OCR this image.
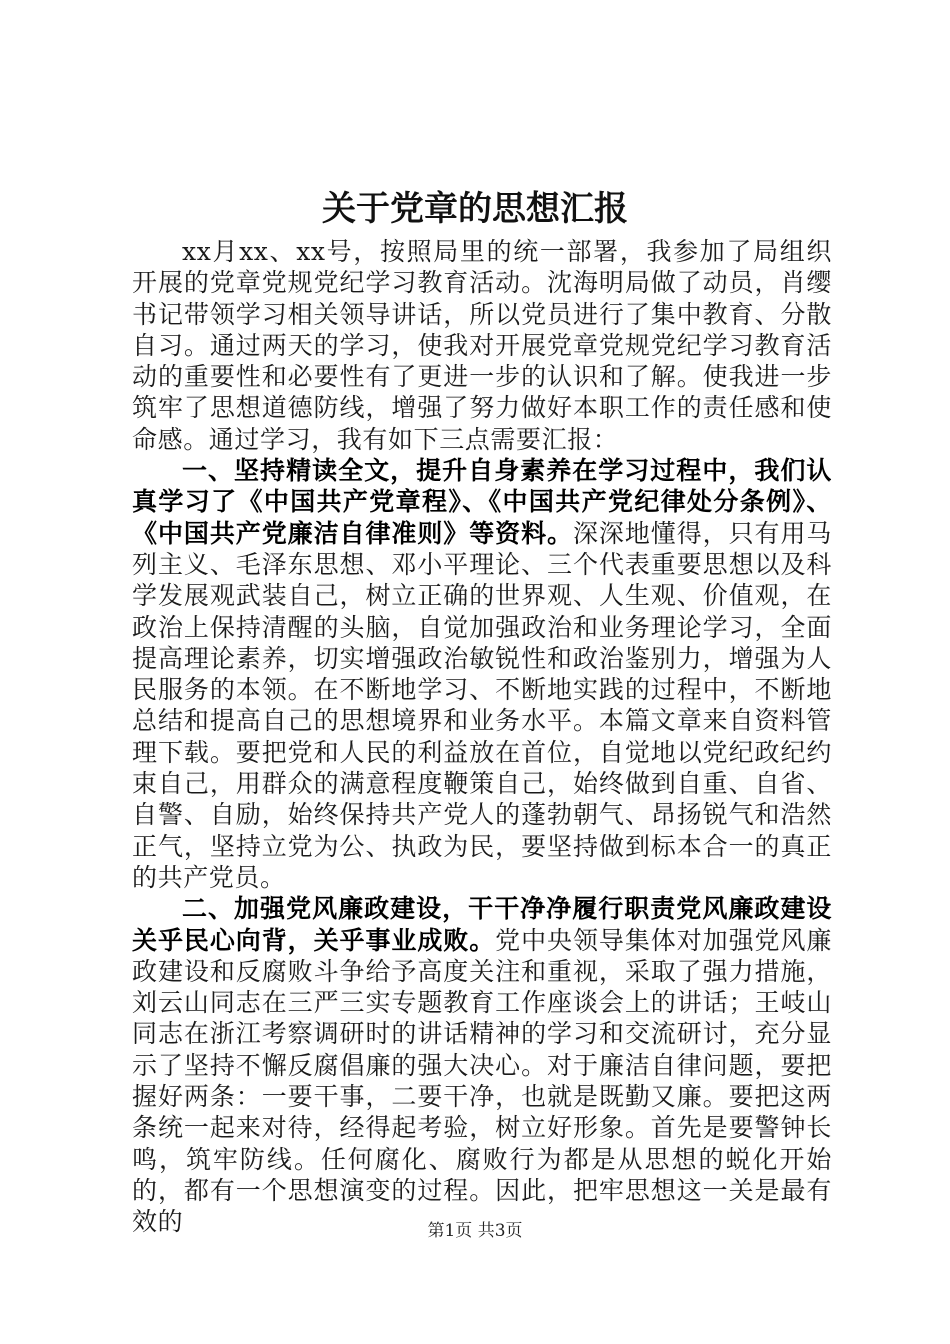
关于党章的思想汇报

xx月xx、xx号，按照局里的统一部署，我参加了局组织开展的党章党规党纪学习教育活动。沈海明局做了动员，肖缨书记带领学习相关领导讲话，所以党员进行了集中教育、分散自习。通过两天的学习，使我对开展党章党规党纪学习教育活动的重要性和必要性有了更进一步的认识和了解。使我进一步筑牢了思想道德防线，增强了努力做好本职工作的责任感和使命感。通过学习，我有如下三点需要汇报：

一、坚持精读全文，提升自身素养在学习过程中，我们认真学习了《中国共产党章程》、《中国共产党纪律处分条例》、《中国共产党廉洁自律准则》等资料。深深地懂得，只有用马列主义、毛泽东思想、邓小平理论、三个代表重要思想以及科学发展观武装自己，树立正确的世界观、人生观、价值观，在政治上保持清醒的头脑，自觉加强政治和业务理论学习，全面提高理论素养，切实增强政治敏锐性和政治鉴别力，增强为人民服务的本领。在不断地学习、不断地实践的过程中，不断地总结和提高自己的思想境界和业务水平。本篇文章来自资料管理下载。要把党和人民的利益放在首位，自觉地以党纪政纪约束自己，用群众的满意程度鞭策自己，始终做到自重、自省、自警、自励，始终保持共产党人的蓬勃朝气、昂扬锐气和浩然正气，坚持立党为公、执政为民，要坚持做到标本合一的真正的共产党员。

二、加强党风廉政建设，干干净净履行职责党风廉政建设关乎民心向背，关乎事业成败。党中央领导集体对加强党风廉政建设和反腐败斗争给予高度关注和重视，采取了强力措施，刘云山同志在三严三实专题教育工作座谈会上的讲话；王岐山同志在浙江考察调研时的讲话精神的学习和交流研讨，充分显示了坚持不懈反腐倡廉的强大决心。对于廉洁自律问题，要把握好两条：一要干事，二要干净，也就是既勤又廉。要把这两条统一起来对待，经得起考验，树立好形象。首先是要警钟长鸣，筑牢防线。任何腐化、腐败行为都是从思想的蜕化开始的，都有一个思想演变的过程。因此，把牢思想这一关是最有效的	第1页 共3页
